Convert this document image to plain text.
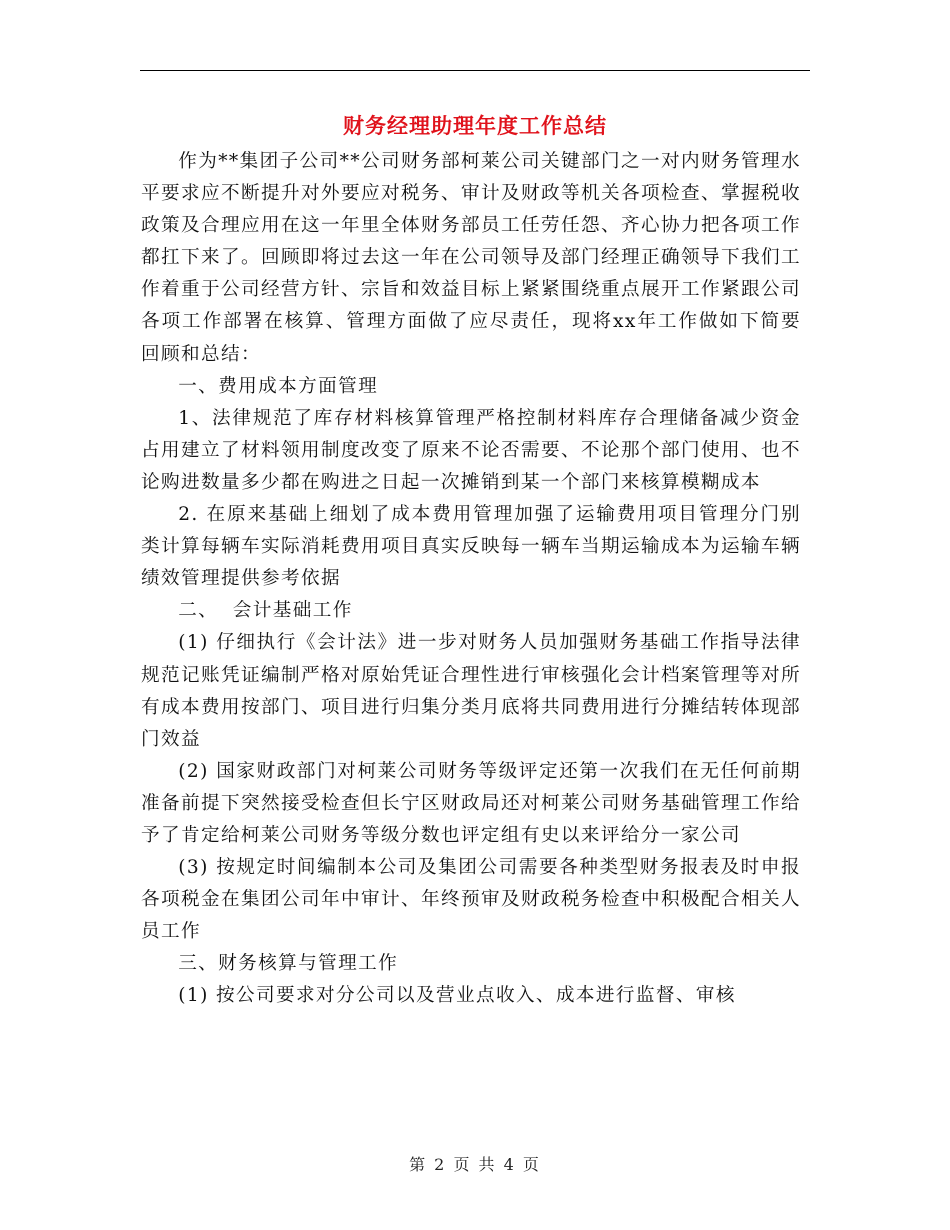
财务经理助理年度工作总结

作为**集团子公司**公司财务部柯莱公司关键部门之一对内财务管理水平要求应不断提升对外要应对税务、审计及财政等机关各项检查、掌握税收政策及合理应用在这一年里全体财务部员工任劳任怨、齐心协力把各项工作都扛下来了。回顾即将过去这一年在公司领导及部门经理正确领导下我们工作着重于公司经营方针、宗旨和效益目标上紧紧围绕重点展开工作紧跟公司各项工作部署在核算、管理方面做了应尽责任，现将xx年工作做如下简要回顾和总结：

一、费用成本方面管理

1、法律规范了库存材料核算管理严格控制材料库存合理储备减少资金占用建立了材料领用制度改变了原来不论否需要、不论那个部门使用、也不论购进数量多少都在购进之日起一次摊销到某一个部门来核算模糊成本

2. 在原来基础上细划了成本费用管理加强了运输费用项目管理分门别类计算每辆车实际消耗费用项目真实反映每一辆车当期运输成本为运输车辆绩效管理提供参考依据

二、  会计基础工作

(1) 仔细执行《会计法》进一步对财务人员加强财务基础工作指导法律规范记账凭证编制严格对原始凭证合理性进行审核强化会计档案管理等对所有成本费用按部门、项目进行归集分类月底将共同费用进行分摊结转体现部门效益

(2) 国家财政部门对柯莱公司财务等级评定还第一次我们在无任何前期准备前提下突然接受检查但长宁区财政局还对柯莱公司财务基础管理工作给予了肯定给柯莱公司财务等级分数也评定组有史以来评给分一家公司

(3) 按规定时间编制本公司及集团公司需要各种类型财务报表及时申报各项税金在集团公司年中审计、年终预审及财政税务检查中积极配合相关人员工作

三、财务核算与管理工作

(1) 按公司要求对分公司以及营业点收入、成本进行监督、审核

第 2 页 共 4 页
